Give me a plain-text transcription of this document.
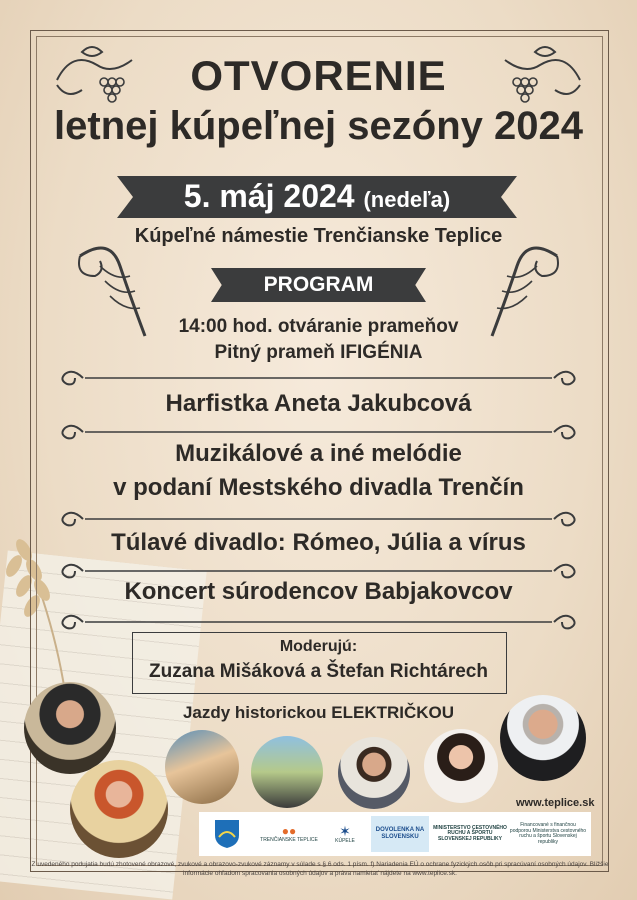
OTVORENIE
letnej kúpeľnej sezóny 2024
5. máj 2024 (nedeľa)
Kúpeľné námestie Trenčianske Teplice
PROGRAM
14:00 hod. otváranie prameňov
Pitný prameň IFIGÉNIA
Harfistka Aneta Jakubcová
Muzikálové a iné melódie
v podaní Mestského divadla Trenčín
Túlavé divadlo: Rómeo, Júlia a vírus
Koncert súrodencov Babjakovcov
Moderujú:
Zuzana Mišáková a Štefan Richtárech
Jazdy historickou ELEKTRIČKOU
www.teplice.sk
●●
TRENČIANSKE TEPLICE
✶
KÚPELE
DOVOLENKA NA SLOVENSKU
MINISTERSTVO CESTOVNÉHO RUCHU A ŠPORTU SLOVENSKEJ REPUBLIKY
Financované s finančnou podporou Ministerstva cestovného ruchu a športu Slovenskej republiky
Z uvedeného podujatia budú zhotovené obrazové, zvukové a obrazovo-zvukové záznamy v súlade s § 6 ods. 1 písm. f) Nariadenia EÚ o ochrane fyzických osôb pri spracúvaní osobných údajov. Bližšie informácie ohľadom spracovania osobných údajov a práva namietať nájdete na www.teplice.sk.
